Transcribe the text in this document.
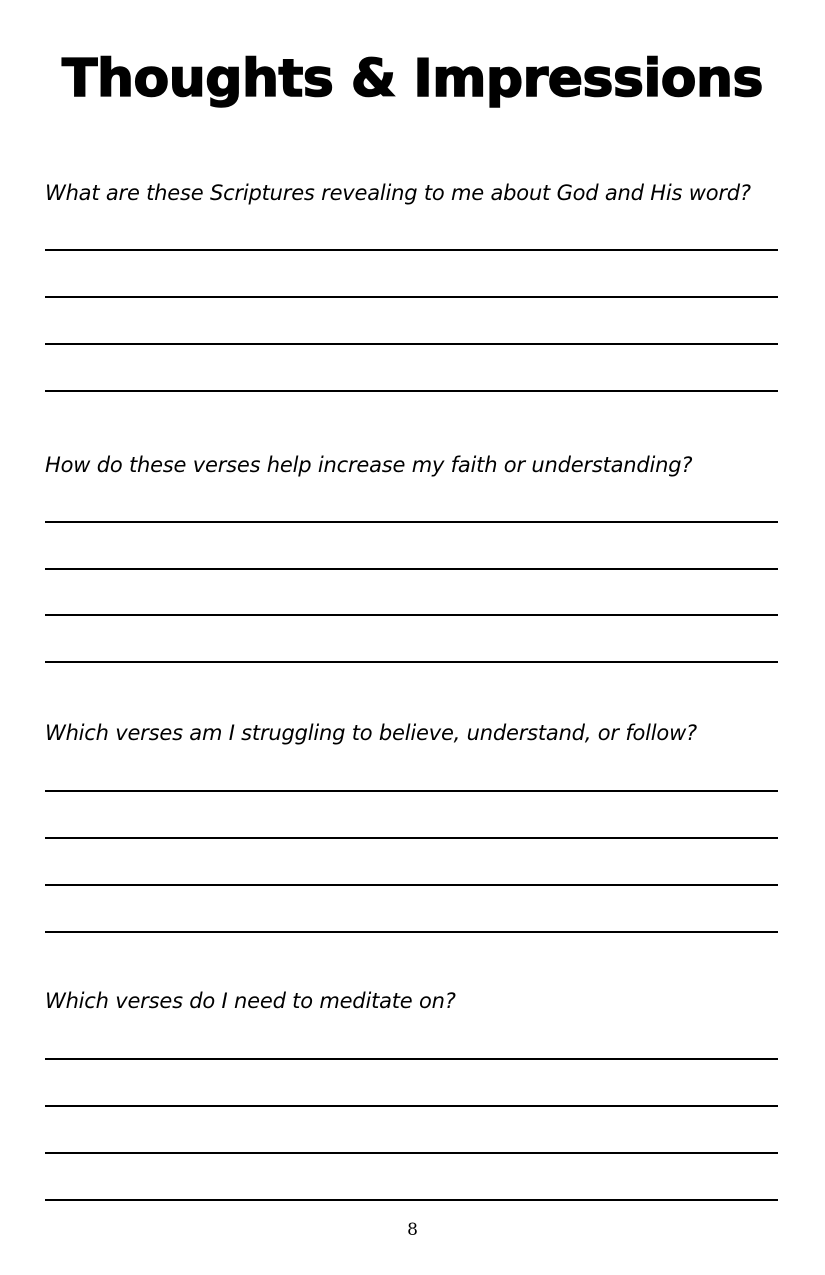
Thoughts & Impressions

What are these Scriptures revealing to me about God and His word?

How do these verses help increase my faith or understanding?

Which verses am I struggling to believe, understand, or follow?

Which verses do I need to meditate on?

8
